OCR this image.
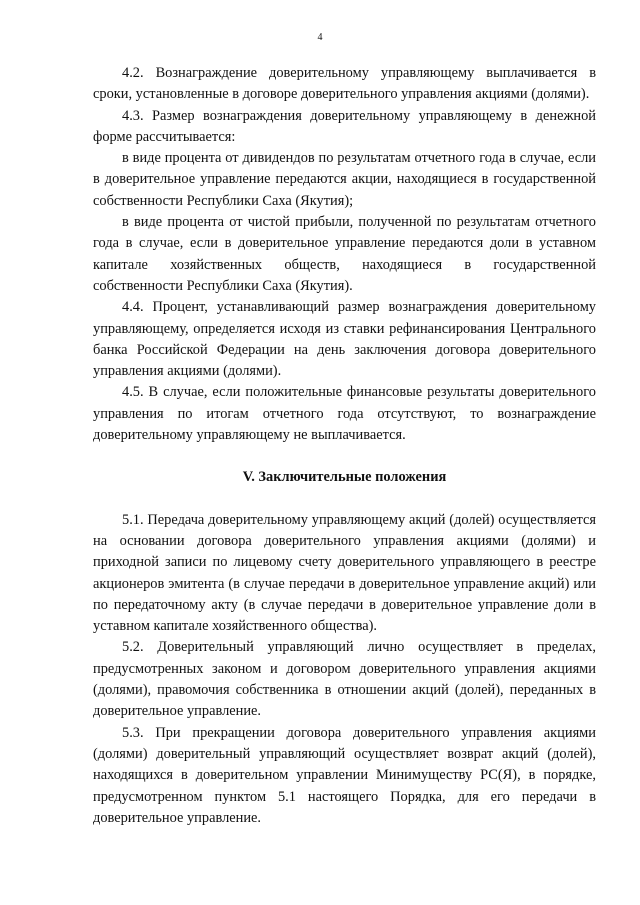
4

4.2. Вознаграждение доверительному управляющему выплачивается в сроки, установленные в договоре доверительного управления акциями (долями).

4.3. Размер вознаграждения доверительному управляющему в денежной форме рассчитывается:

в виде процента от дивидендов по результатам отчетного года в случае, если в доверительное управление передаются акции, находящиеся в государственной собственности Республики Саха (Якутия);

в виде процента от чистой прибыли, полученной по результатам отчетного года в случае, если в доверительное управление передаются доли в уставном капитале хозяйственных обществ, находящиеся в государственной собственности Республики Саха (Якутия).

4.4. Процент, устанавливающий размер вознаграждения доверительному управляющему, определяется исходя из ставки рефинансирования Центрального банка Российской Федерации на день заключения договора доверительного управления акциями (долями).

4.5. В случае, если положительные финансовые результаты доверительного управления по итогам отчетного года отсутствуют, то вознаграждение доверительному управляющему не выплачивается.

V. Заключительные положения

5.1. Передача доверительному управляющему акций (долей) осуществляется на основании договора доверительного управления акциями (долями) и приходной записи по лицевому счету доверительного управляющего в реестре акционеров эмитента (в случае передачи в доверительное управление акций) или по передаточному акту (в случае передачи в доверительное управление доли в уставном капитале хозяйственного общества).

5.2. Доверительный управляющий лично осуществляет в пределах, предусмотренных законом и договором доверительного управления акциями (долями), правомочия собственника в отношении акций (долей), переданных в доверительное управление.

5.3. При прекращении договора доверительного управления акциями (долями) доверительный управляющий осуществляет возврат акций (долей), находящихся в доверительном управлении Минимуществу РС(Я), в порядке, предусмотренном пунктом 5.1 настоящего Порядка, для его передачи в доверительное управление.
